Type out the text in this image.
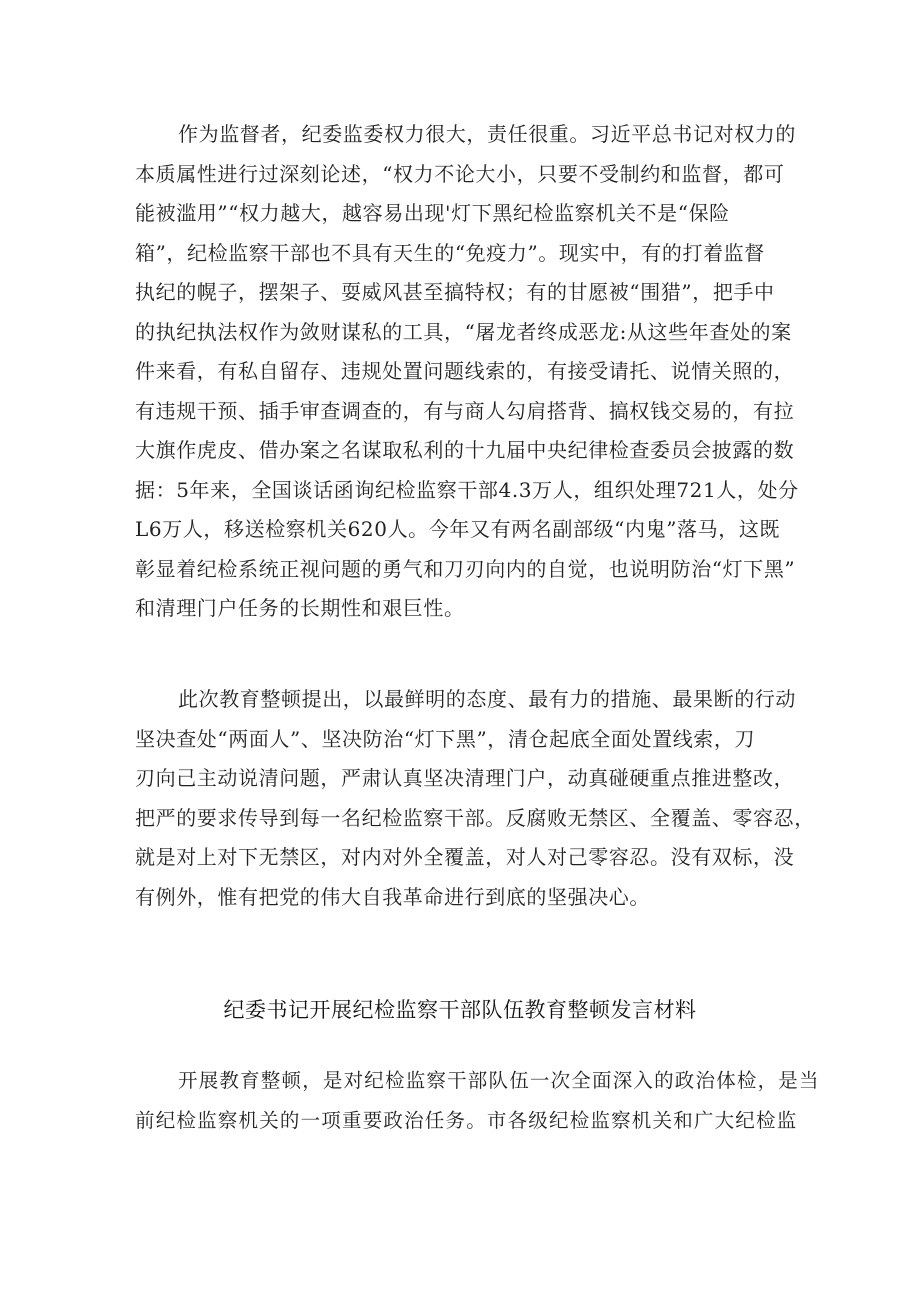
作为监督者，纪委监委权力很大，责任很重。习近平总书记对权力的
本质属性进行过深刻论述，“权力不论大小，只要不受制约和监督，都可
能被滥用”“权力越大，越容易出现'灯下黑纪检监察机关不是“保险
箱”，纪检监察干部也不具有天生的“免疫力”。现实中，有的打着监督
执纪的幌子，摆架子、耍威风甚至搞特权；有的甘愿被“围猎”，把手中
的执纪执法权作为敛财谋私的工具，“屠龙者终成恶龙:从这些年查处的案
件来看，有私自留存、违规处置问题线索的，有接受请托、说情关照的，
有违规干预、插手审查调查的，有与商人勾肩搭背、搞权钱交易的，有拉
大旗作虎皮、借办案之名谋取私利的十九届中央纪律检查委员会披露的数
据：5年来，全国谈话函询纪检监察干部4.3万人，组织处理721人，处分
L6万人，移送检察机关620人。今年又有两名副部级“内鬼”落马，这既
彰显着纪检系统正视问题的勇气和刀刃向内的自觉，也说明防治“灯下黑”
和清理门户任务的长期性和艰巨性。
此次教育整顿提出，以最鲜明的态度、最有力的措施、最果断的行动
坚决查处“两面人”、坚决防治“灯下黑”，清仓起底全面处置线索，刀
刃向己主动说清问题，严肃认真坚决清理门户，动真碰硬重点推进整改，
把严的要求传导到每一名纪检监察干部。反腐败无禁区、全覆盖、零容忍，
就是对上对下无禁区，对内对外全覆盖，对人对己零容忍。没有双标，没
有例外，惟有把党的伟大自我革命进行到底的坚强决心。
纪委书记开展纪检监察干部队伍教育整顿发言材料
开展教育整顿，是对纪检监察干部队伍一次全面深入的政治体检，是当
前纪检监察机关的一项重要政治任务。市各级纪检监察机关和广大纪检监
